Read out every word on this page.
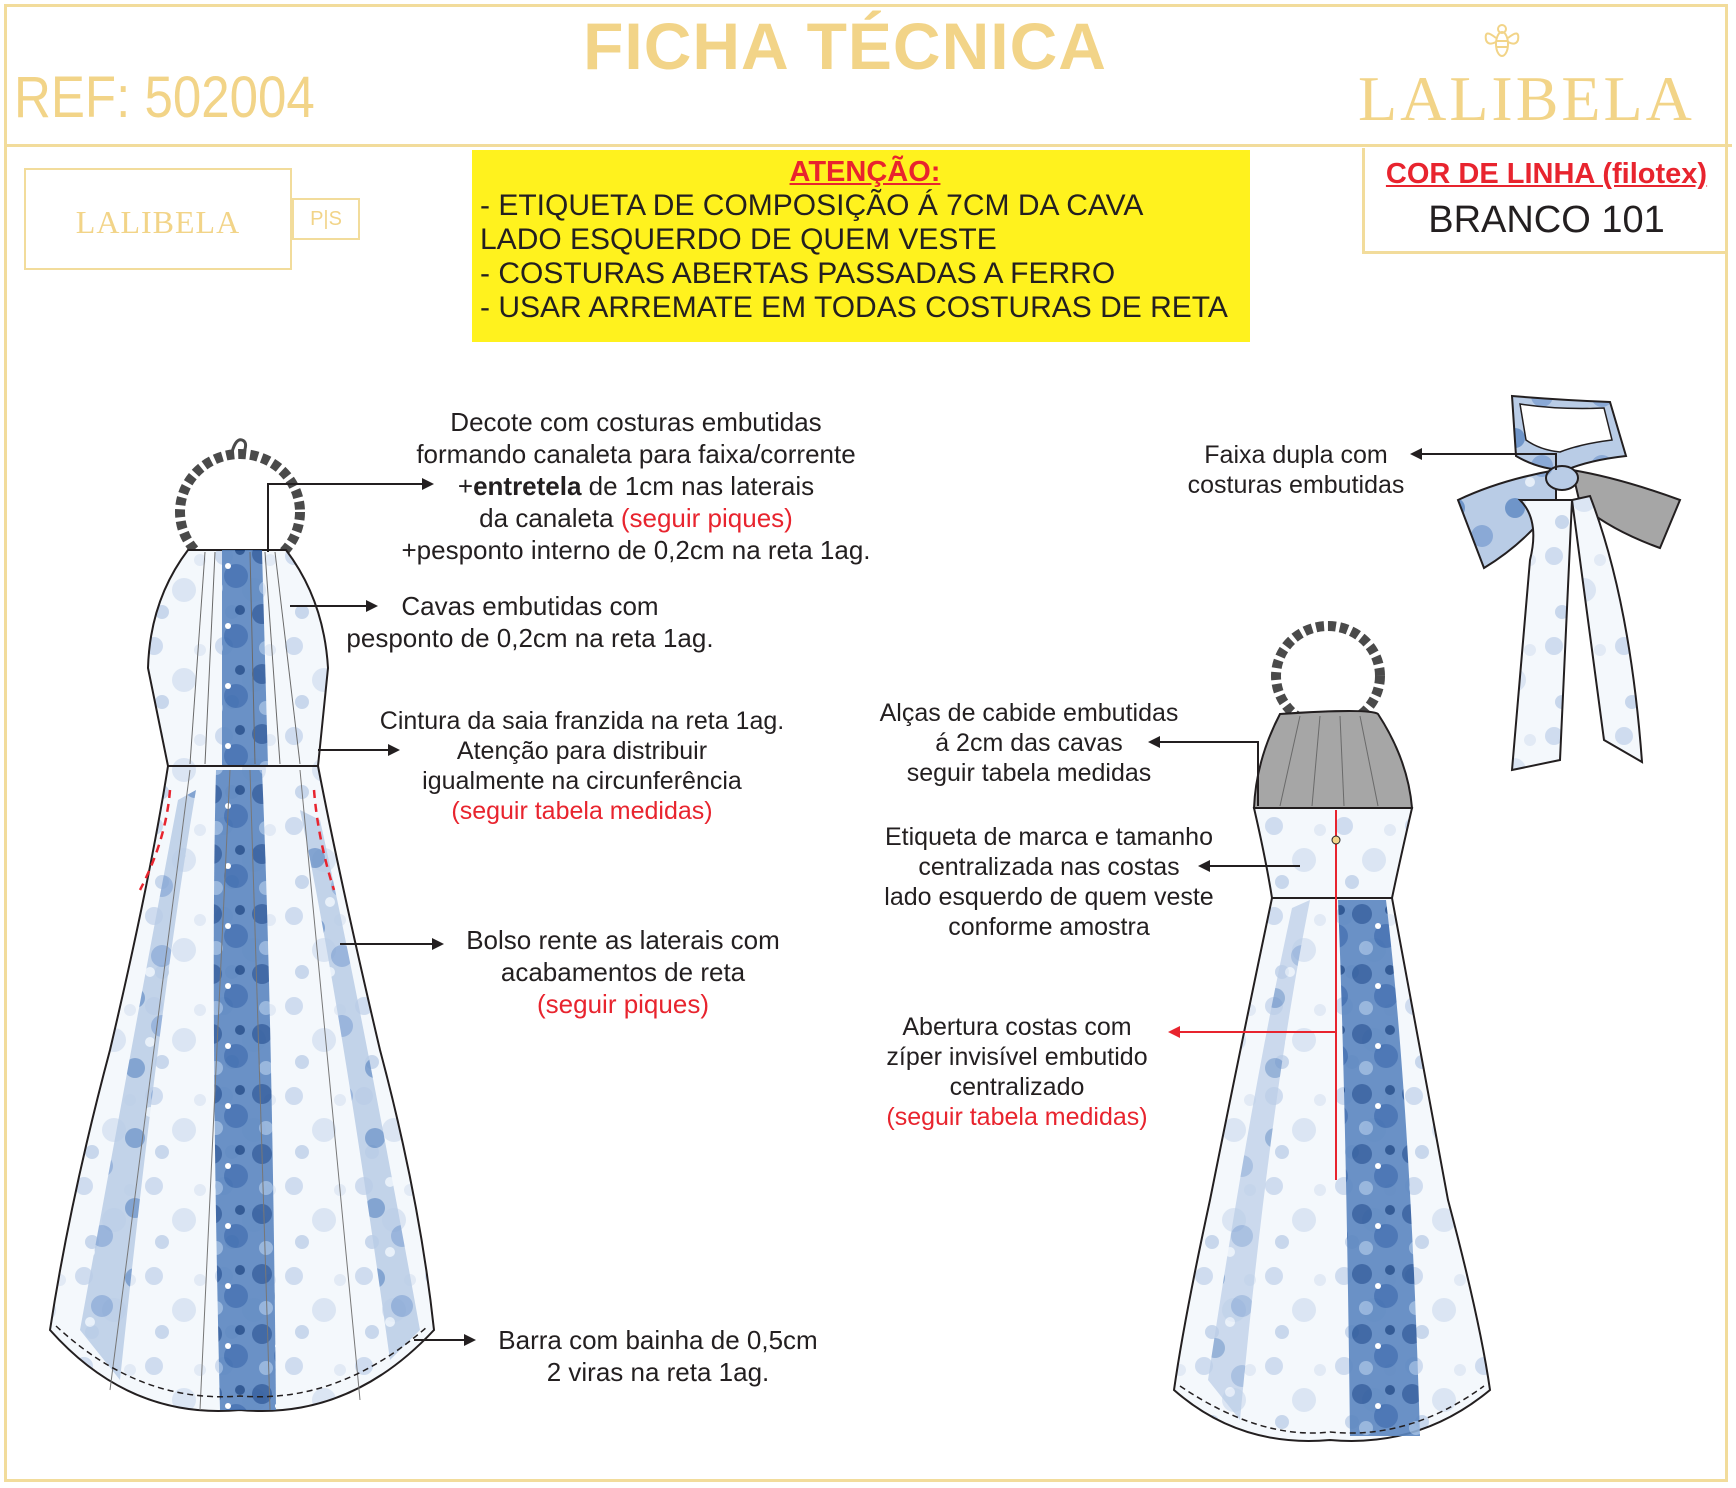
FICHA TÉCNICA
REF: 502004	LALIBELA
LALIBELA	P|S
ATENÇÃO:
- ETIQUETA DE COMPOSIÇÃO Á 7CM DA CAVA
LADO ESQUERDO DE QUEM VESTE
- COSTURAS ABERTAS PASSADAS A FERRO
- USAR ARREMATE EM TODAS COSTURAS DE RETA
COR DE LINHA (filotex)
BRANCO 101
Decote com costuras embutidas
formando canaleta para faixa/corrente
+entretela de 1cm nas laterais
da canaleta (seguir piques)
+pesponto interno de 0,2cm na reta 1ag.
Cavas embutidas com
pesponto de 0,2cm na reta 1ag.
Cintura da saia franzida na reta 1ag.
Atenção para distribuir
igualmente na circunferência
(seguir tabela medidas)
Bolso rente as laterais com
acabamentos de reta
(seguir piques)
Barra com bainha de 0,5cm
2 viras na reta 1ag.
Faixa dupla com
costuras embutidas
Alças de cabide embutidas
á 2cm das cavas
seguir tabela medidas
Etiqueta de marca e tamanho
centralizada nas costas
lado esquerdo de quem veste
conforme amostra
Abertura costas com
zíper invisível embutido
centralizado
(seguir tabela medidas)
